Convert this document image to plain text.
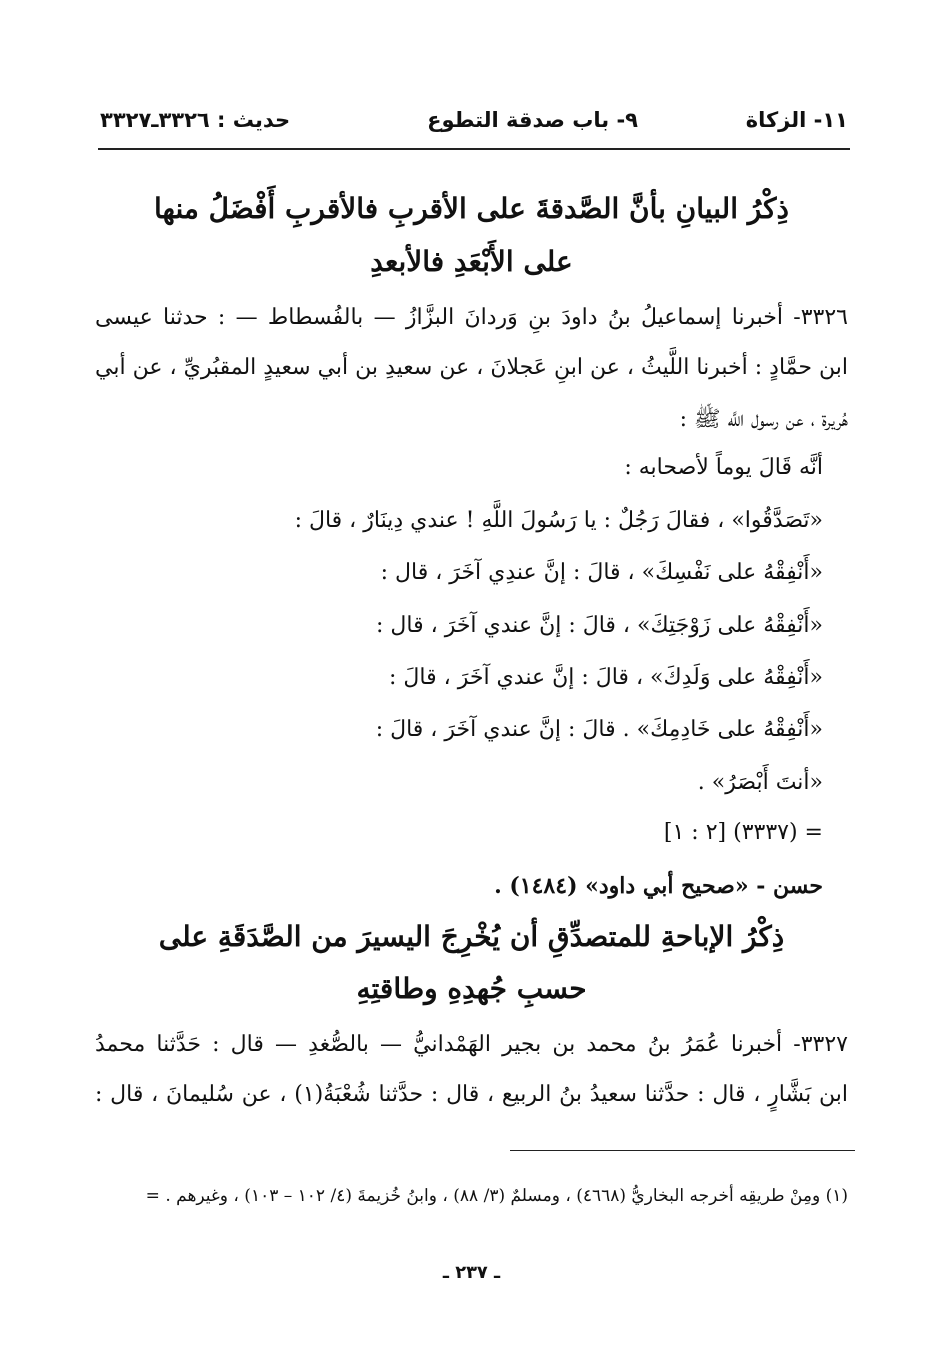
١١- الزكاة
٩- باب صدقة التطوع
حديث : ٣٣٢٦ـ٣٣٢٧
ذِكْرُ البيانِ بأنَّ الصَّدقةَ على الأقربِ فالأقربِ أَفْضَلُ منها
على الأَبْعَدِ فالأبعدِ
٣٣٢٦- أخبرنا إسماعيلُ بنُ داودَ بنِ وَردانَ البزَّازُ — بالفُسطاط — : حدثنا عيسى
ابن حمَّادٍ : أخبرنا اللَّيثُ ، عن ابنِ عَجلانَ ، عن سعيدِ بن أبي سعيدٍ المقبُريِّ ، عن أبي
هُريرة ، عن رسول اللَّه ﷺ :
أنَّه قَالَ يوماً لأصحابه :
«تَصَدَّقُوا» ، فقالَ رَجُلٌ : يا رَسُولَ اللَّهِ ! عندي دِينَارٌ ، قالَ :
«أَنْفِقْهُ على نَفْسِكَ» ، قالَ : إنَّ عندِي آخَرَ ، قال :
«أَنْفِقْهُ على زَوْجَتِكَ» ، قالَ : إنَّ عندي آخَرَ ، قال :
«أَنْفِقْهُ على وَلَدِكَ» ، قالَ : إنَّ عندي آخَرَ ، قالَ :
«أَنْفِقْهُ على خَادِمِكَ» . قالَ : إنَّ عندي آخَرَ ، قالَ :
«أنتَ أَبْصَرُ» .
= (٣٣٣٧) [٢ : ١]
حسن - «صحيح أبي داود» (١٤٨٤) .
ذِكْرُ الإباحةِ للمتصدِّقِ أن يُخْرِجَ اليسيرَ من الصَّدَقَةِ على
حسبِ جُهدِهِ وطاقتِهِ
٣٣٢٧- أخبرنا عُمَرُ بنُ محمد بن بجير الهَمْدانيُّ — بالصُّغدِ — قال : حَدَّثنا محمدُ
ابن بَشَّارٍ ، قال : حدَّثنا سعيدُ بنُ الربيع ، قال : حدَّثنا شُعْبَةُ(١) ، عن سُليمانَ ، قال :
(١) ومِنْ طريقِه أخرجه البخاريُّ (٤٦٦٨) ، ومسلمٌ (٣/ ٨٨) ، وابنُ خُزيمةَ (٤/ ١٠٢ – ١٠٣) ، وغيرهم . =
ـ ٢٣٧ ـ
